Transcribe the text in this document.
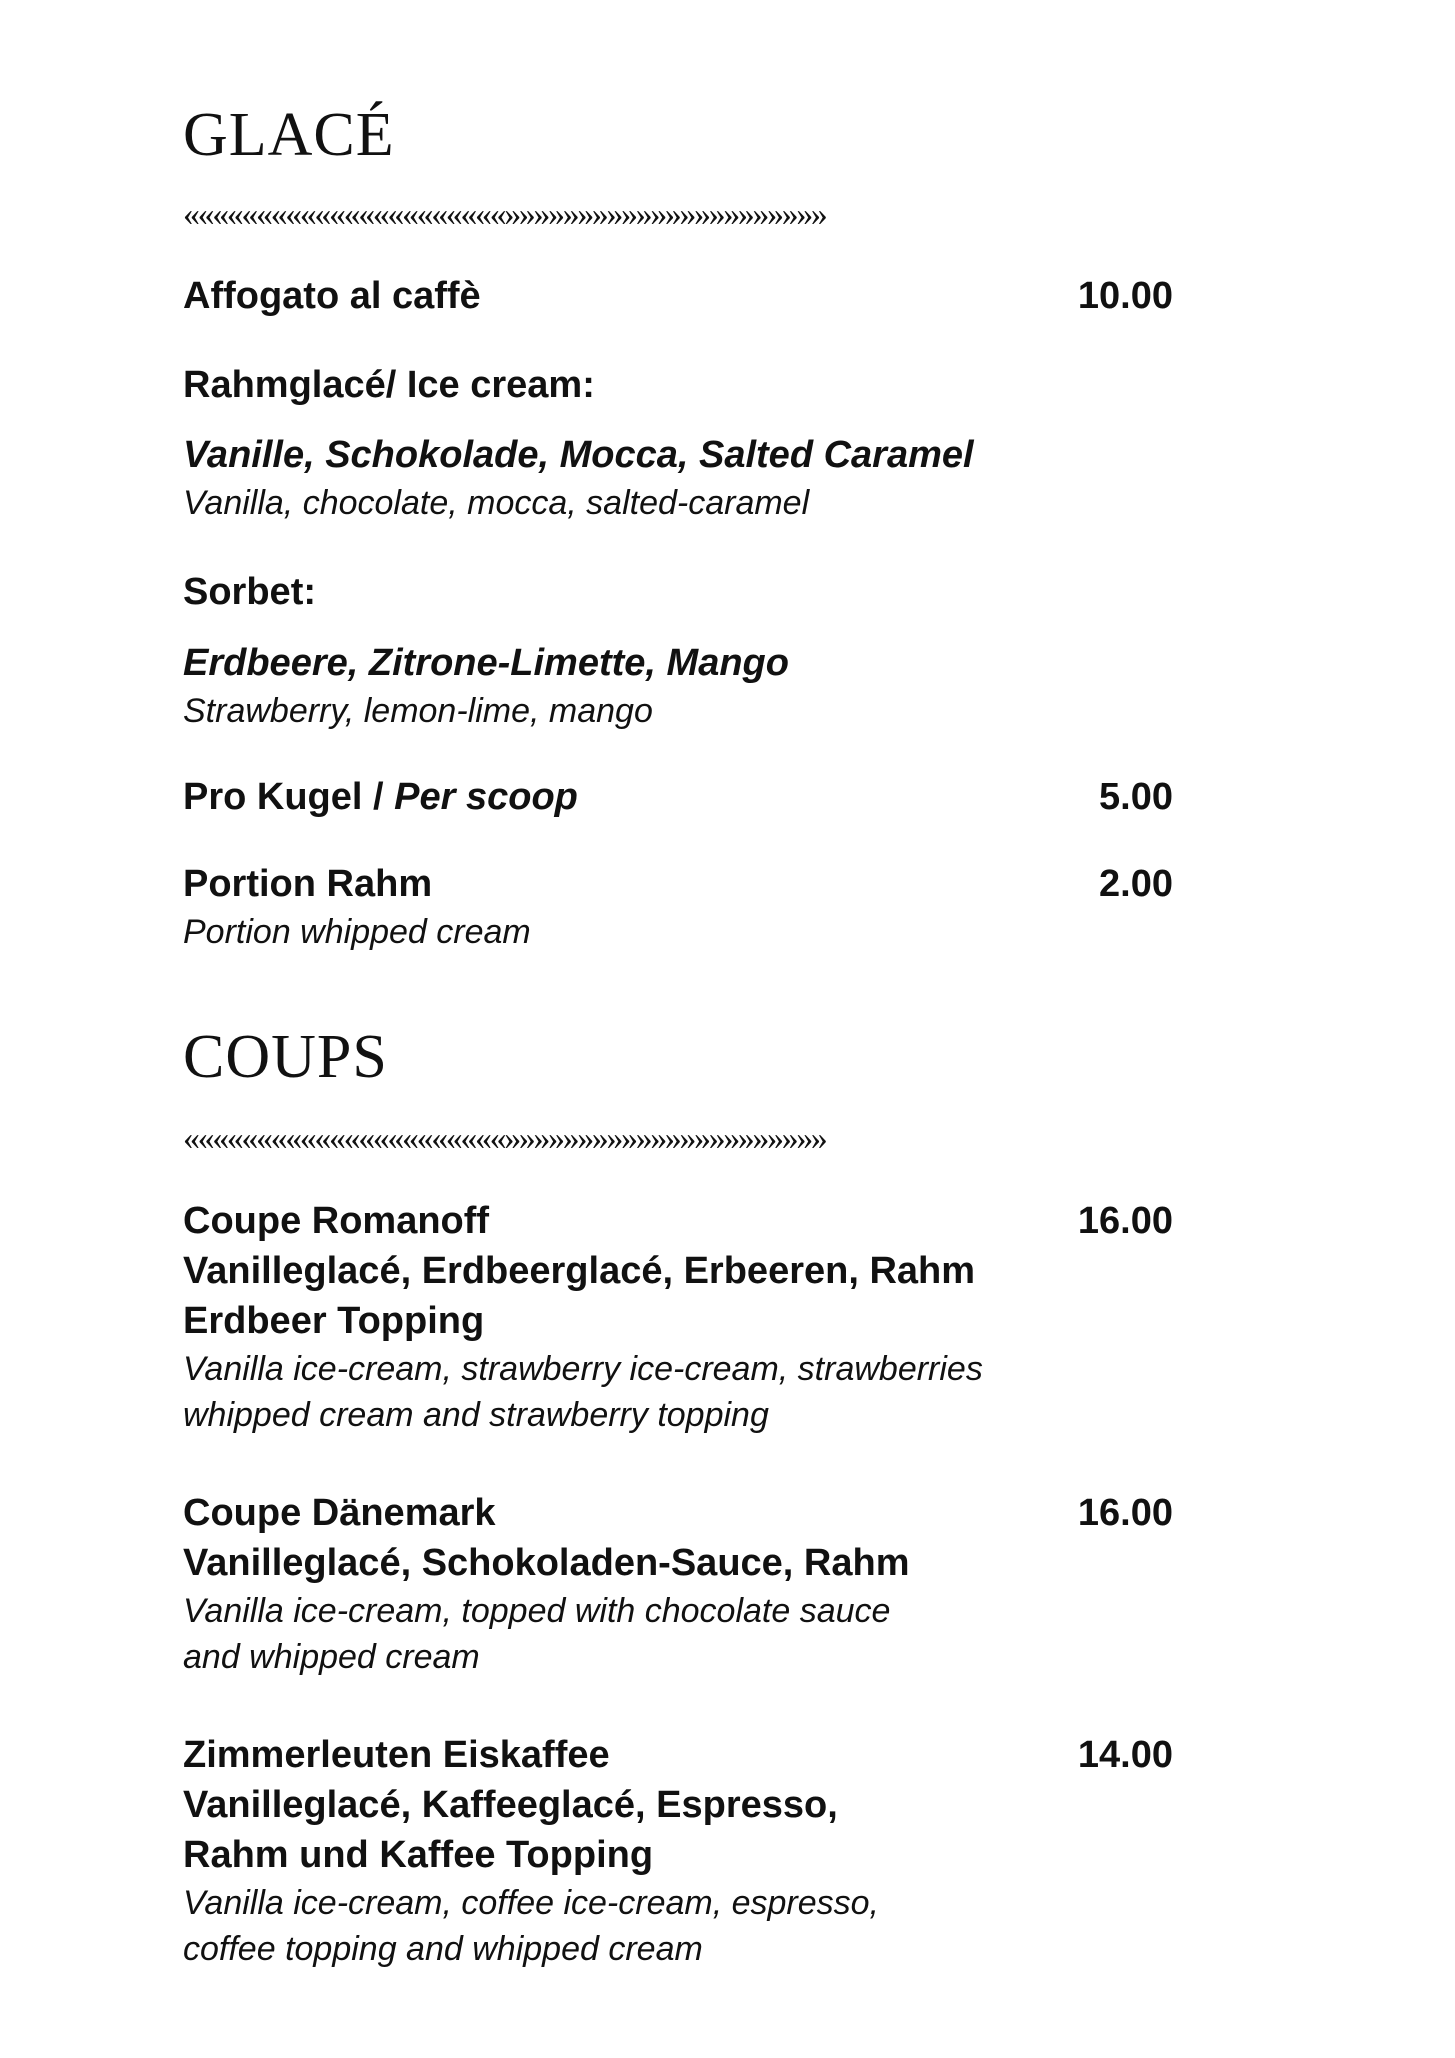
GLACÉ
««««««««««««««««««««««»»»»»»»»»»»»»»»»»»»»»»
Affogato al caffè	10.00
Rahmglacé/ Ice cream:
Vanille, Schokolade, Mocca, Salted Caramel
Vanilla, chocolate, mocca, salted-caramel
Sorbet:
Erdbeere, Zitrone-Limette, Mango
Strawberry, lemon-lime, mango
Pro Kugel / Per scoop	5.00
Portion Rahm
Portion whipped cream
2.00
COUPS
««««««««««««««««««««««»»»»»»»»»»»»»»»»»»»»»»
Coupe Romanoff
Vanilleglacé, Erdbeerglacé, Erbeeren, Rahm
Erdbeer Topping
Vanilla ice-cream, strawberry ice-cream, strawberries
whipped cream and strawberry topping
16.00
Coupe Dänemark
Vanilleglacé, Schokoladen-Sauce, Rahm
Vanilla ice-cream, topped with chocolate sauce
and whipped cream
16.00
Zimmerleuten Eiskaffee
Vanilleglacé, Kaffeeglacé, Espresso,
Rahm und Kaffee Topping
Vanilla ice-cream, coffee ice-cream, espresso,
coffee topping and whipped cream
14.00
